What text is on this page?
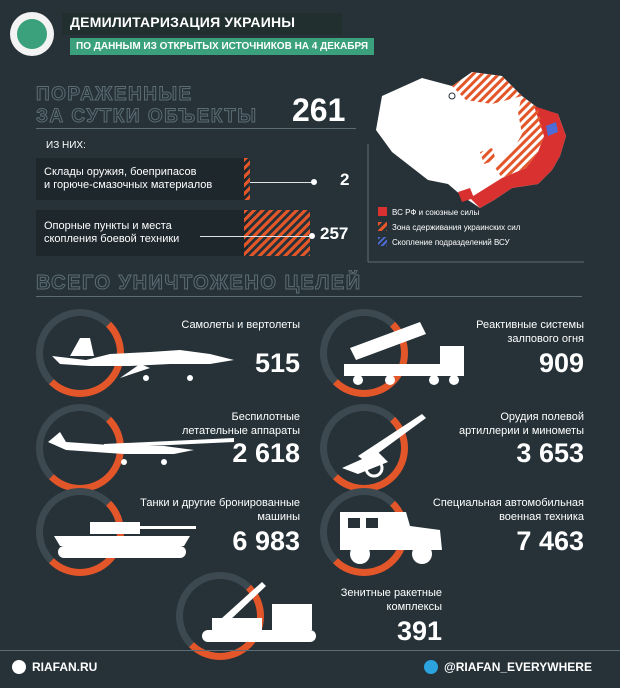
ДЕМИЛИТАРИЗАЦИЯ УКРАИНЫ
ПО ДАННЫМ ИЗ ОТКРЫТЫХ ИСТОЧНИКОВ НА 4 ДЕКАБРЯ
ПОРАЖЕННЫЕ
ЗА СУТКИ ОБЪЕКТЫ 261
ИЗ НИХ:
Склады оружия, боеприпасов
и горюче-смазочных материалов	2
Опорные пункты и места
скопления боевой техники	257
ВС РФ и союзные силы
Зона сдерживания украинских сил
Скопление подразделений ВСУ
ВСЕГО УНИЧТОЖЕНО ЦЕЛЕЙ
Самолеты и вертолеты
515
Реактивные системы
залпового огня
909
Беспилотные
летательные аппараты
2 618
Орудия полевой
артиллерии и минометы
3 653
Танки и другие бронированные
машины
6 983
Специальная автомобильная
военная техника
7 463
Зенитные ракетные
комплексы
391
RIAFAN.RU	@RIAFAN_EVERYWHERE
